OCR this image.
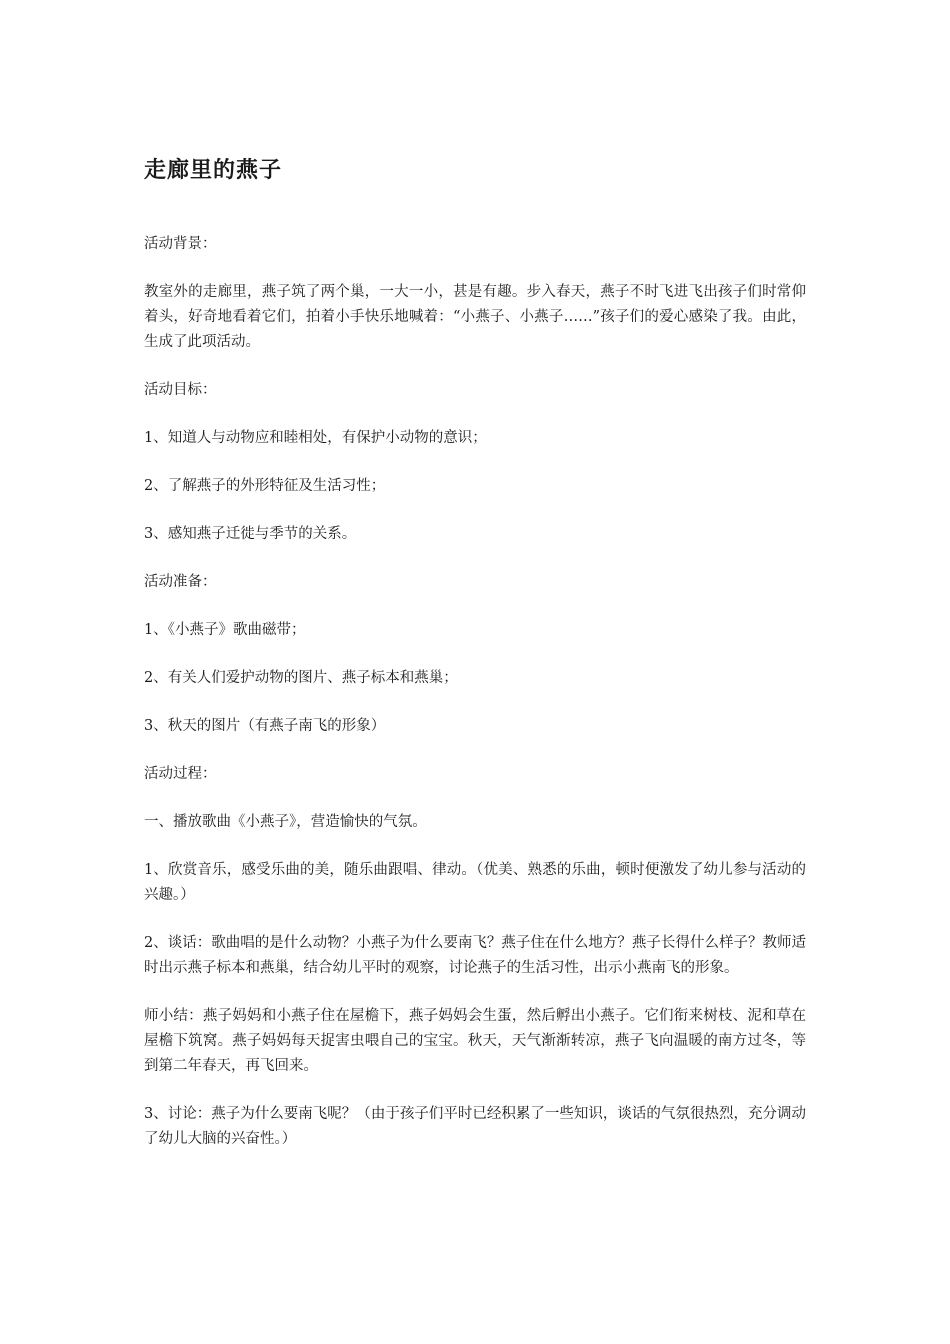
走廊里的燕子

活动背景：

教室外的走廊里，燕子筑了两个巢，一大一小，甚是有趣。步入春天，燕子不时飞进飞出孩子们时常仰着头，好奇地看着它们，拍着小手快乐地喊着：“小燕子、小燕子……”孩子们的爱心感染了我。由此，生成了此项活动。

活动目标：

1、知道人与动物应和睦相处，有保护小动物的意识；

2、了解燕子的外形特征及生活习性；

3、感知燕子迁徙与季节的关系。

活动准备：

1、《小燕子》歌曲磁带；

2、有关人们爱护动物的图片、燕子标本和燕巢；

3、秋天的图片（有燕子南飞的形象）

活动过程：

一、播放歌曲《小燕子》，营造愉快的气氛。

1、欣赏音乐，感受乐曲的美，随乐曲跟唱、律动。（优美、熟悉的乐曲，顿时便激发了幼儿参与活动的兴趣。）

2、谈话：歌曲唱的是什么动物？小燕子为什么要南飞？燕子住在什么地方？燕子长得什么样子？教师适时出示燕子标本和燕巢，结合幼儿平时的观察，讨论燕子的生活习性，出示小燕南飞的形象。

师小结：燕子妈妈和小燕子住在屋檐下，燕子妈妈会生蛋，然后孵出小燕子。它们衔来树枝、泥和草在屋檐下筑窝。燕子妈妈每天捉害虫喂自己的宝宝。秋天，天气渐渐转凉，燕子飞向温暖的南方过冬，等到第二年春天，再飞回来。

3、讨论：燕子为什么要南飞呢？（由于孩子们平时已经积累了一些知识，谈话的气氛很热烈，充分调动了幼儿大脑的兴奋性。）
